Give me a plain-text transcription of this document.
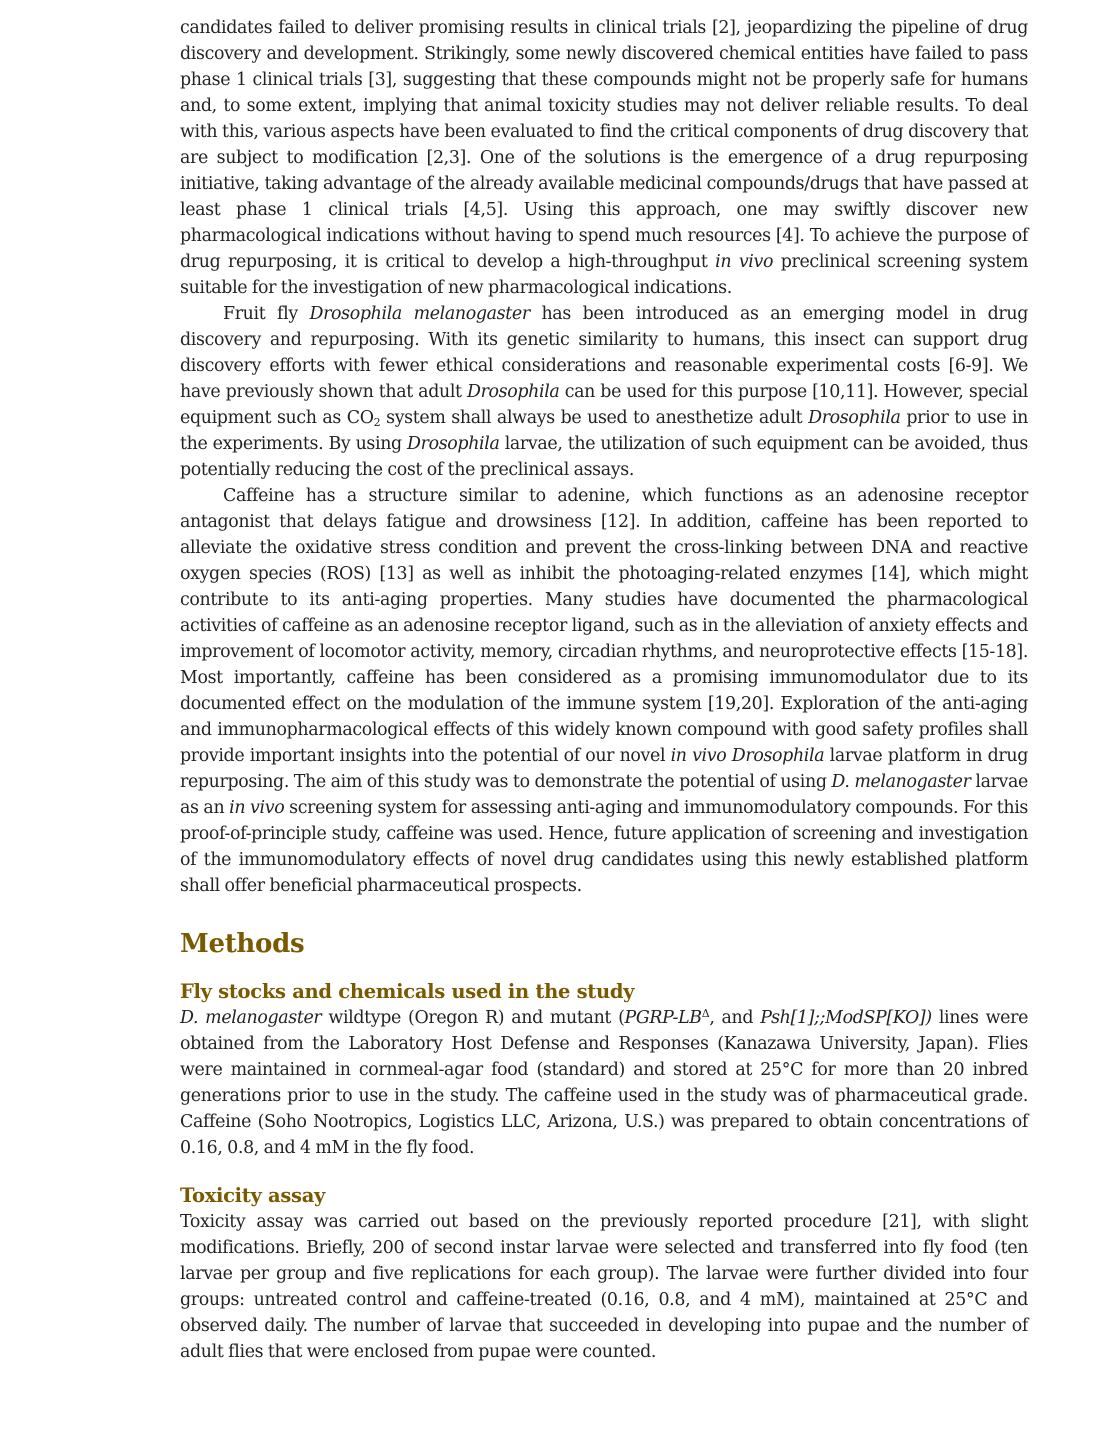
candidates failed to deliver promising results in clinical trials [2], jeopardizing the pipeline of drug discovery and development. Strikingly, some newly discovered chemical entities have failed to pass phase 1 clinical trials [3], suggesting that these compounds might not be properly safe for humans and, to some extent, implying that animal toxicity studies may not deliver reliable results. To deal with this, various aspects have been evaluated to find the critical components of drug discovery that are subject to modification [2,3]. One of the solutions is the emergence of a drug repurposing initiative, taking advantage of the already available medicinal compounds/drugs that have passed at least phase 1 clinical trials [4,5]. Using this approach, one may swiftly discover new pharmacological indications without having to spend much resources [4]. To achieve the purpose of drug repurposing, it is critical to develop a high-throughput in vivo preclinical screening system suitable for the investigation of new pharmacological indications.

Fruit fly Drosophila melanogaster has been introduced as an emerging model in drug discovery and repurposing. With its genetic similarity to humans, this insect can support drug discovery efforts with fewer ethical considerations and reasonable experimental costs [6-9]. We have previously shown that adult Drosophila can be used for this purpose [10,11]. However, special equipment such as $CO_2$ system shall always be used to anesthetize adult Drosophila prior to use in the experiments. By using Drosophila larvae, the utilization of such equipment can be avoided, thus potentially reducing the cost of the preclinical assays.

Caffeine has a structure similar to adenine, which functions as an adenosine receptor antagonist that delays fatigue and drowsiness [12]. In addition, caffeine has been reported to alleviate the oxidative stress condition and prevent the cross-linking between DNA and reactive oxygen species (ROS) [13] as well as inhibit the photoaging-related enzymes [14], which might contribute to its anti-aging properties. Many studies have documented the pharmacological activities of caffeine as an adenosine receptor ligand, such as in the alleviation of anxiety effects and improvement of locomotor activity, memory, circadian rhythms, and neuroprotective effects [15-18]. Most importantly, caffeine has been considered as a promising immunomodulator due to its documented effect on the modulation of the immune system [19,20]. Exploration of the anti-aging and immunopharmacological effects of this widely known compound with good safety profiles shall provide important insights into the potential of our novel in vivo Drosophila larvae platform in drug repurposing. The aim of this study was to demonstrate the potential of using D. melanogaster larvae as an in vivo screening system for assessing anti-aging and immunomodulatory compounds. For this proof-of-principle study, caffeine was used. Hence, future application of screening and investigation of the immunomodulatory effects of novel drug candidates using this newly established platform shall offer beneficial pharmaceutical prospects.

Methods
Fly stocks and chemicals used in the study

D. melanogaster wildtype (Oregon R) and mutant ($PGRP-LB^\Delta$, and Psh[1];;ModSP[KO]) lines were obtained from the Laboratory Host Defense and Responses (Kanazawa University, Japan). Flies were maintained in cornmeal-agar food (standard) and stored at 25°C for more than 20 inbred generations prior to use in the study. The caffeine used in the study was of pharmaceutical grade. Caffeine (Soho Nootropics, Logistics LLC, Arizona, U.S.) was prepared to obtain concentrations of 0.16, 0.8, and 4 mM in the fly food.

Toxicity assay

Toxicity assay was carried out based on the previously reported procedure [21], with slight modifications. Briefly, 200 of second instar larvae were selected and transferred into fly food (ten larvae per group and five replications for each group). The larvae were further divided into four groups: untreated control and caffeine-treated (0.16, 0.8, and 4 mM), maintained at 25°C and observed daily. The number of larvae that succeeded in developing into pupae and the number of adult flies that were enclosed from pupae were counted.
